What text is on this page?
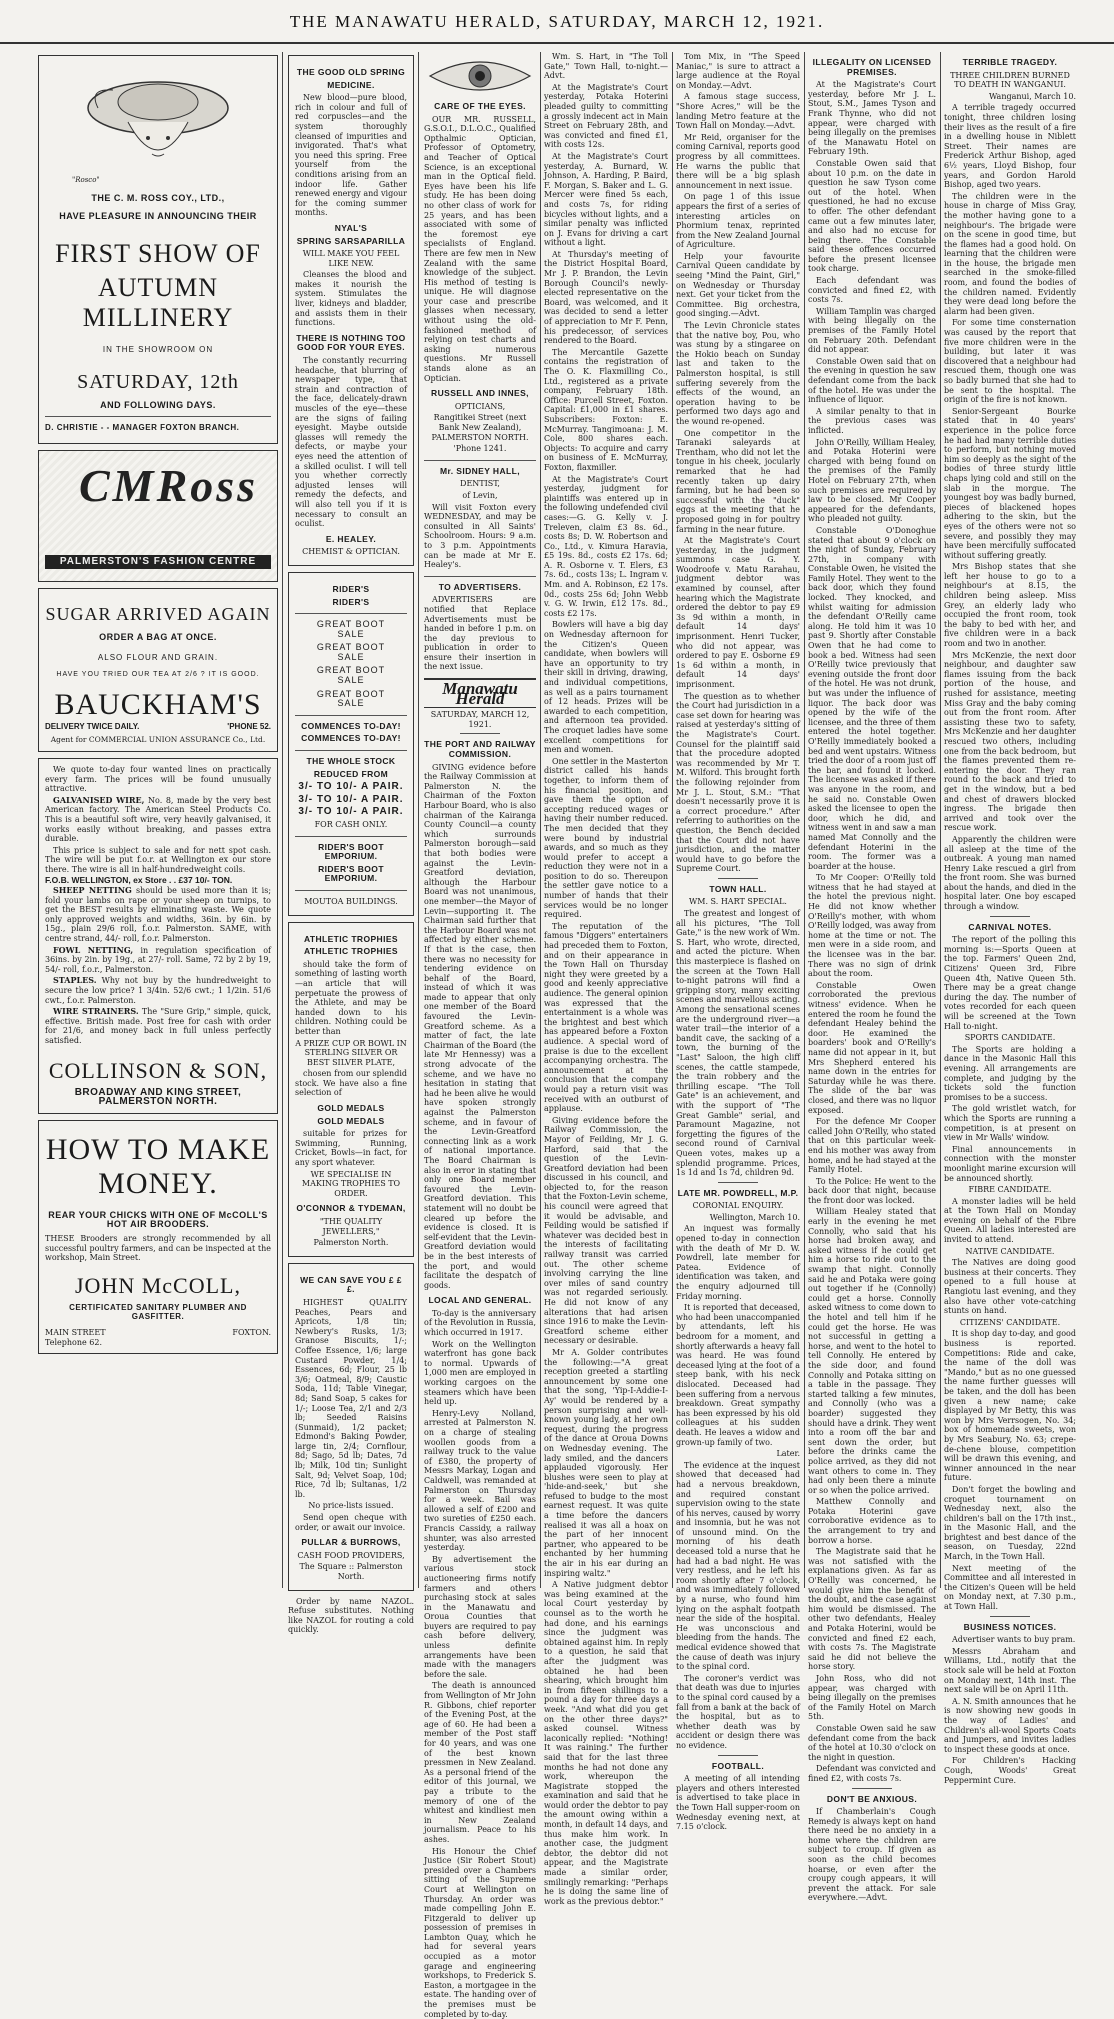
THE MANAWATU HERALD, SATURDAY, MARCH 12, 1921.
"Rosco"
THE C. M. ROSS COY., LTD.,
HAVE PLEASURE IN ANNOUNCING THEIR
FIRST SHOW OF
AUTUMN MILLINERY
IN THE SHOWROOM ON
SATURDAY, 12th
AND FOLLOWING DAYS.
D. CHRISTIE - - MANAGER FOXTON BRANCH.
CMRoss
PALMERSTON'S FASHION CENTRE
SUGAR ARRIVED AGAIN
ORDER A BAG AT ONCE.
ALSO FLOUR AND GRAIN.
HAVE YOU TRIED OUR TEA AT 2/6 ? IT IS GOOD.
BAUCKHAM'S
DELIVERY TWICE DAILY.	'PHONE 52.
Agent for COMMERCIAL UNION ASSURANCE Co., Ltd.
We quote to-day four wanted lines on practically every farm. The prices will be found unusually attractive.
GALVANISED WIRE, No. 8, made by the very best American factory. The American Steel Products Co. This is a beautiful soft wire, very heavily galvanised, it works easily without breaking, and passes extra durable.
This price is subject to sale and for nett spot cash. The wire will be put f.o.r. at Wellington ex our store there. The wire is all in half-hundredweight coils.
F.O.B. WELLINGTON, ex Store . . £37 10/- TON.
SHEEP NETTING should be used more than it is; fold your lambs on rape or your sheep on turnips, to get the BEST results by eliminating waste. We quote only approved weights and widths, 36in. by 6in. by 15g., plain 29/6 roll, f.o.r. Palmerston. SAME, with centre strand, 44/- roll, f.o.r. Palmerston.
FOWL NETTING, in regulation specification of 36ins. by 2in. by 19g., at 27/- roll. Same, 72 by 2 by 19, 54/- roll, f.o.r., Palmerston.
STAPLES. Why not buy by the hundredweight to secure the low price? 1 3/4in. 52/6 cwt.; 1 1/2in. 51/6 cwt., f.o.r. Palmerston.
WIRE STRAINERS. The "Sure Grip," simple, quick, effective. British made. Post free for cash with order for 21/6, and money back in full unless perfectly satisfied.
COLLINSON & SON,
BROADWAY AND KING STREET,
PALMERSTON NORTH.
HOW TO MAKE
MONEY.
REAR YOUR CHICKS WITH ONE OF McCOLL'S HOT AIR BROODERS.
THESE Brooders are strongly recommended by all successful poultry farmers, and can be inspected at the workshop, Main Street.
JOHN McCOLL,
CERTIFICATED SANITARY PLUMBER AND GASFITTER.
MAIN STREET	FOXTON.
Telephone 62.
THE GOOD OLD SPRING
MEDICINE.
New blood—pure blood, rich in colour and full of red corpuscles—and the system thoroughly cleansed of impurities and invigorated. That's what you need this spring. Free yourself from the conditions arising from an indoor life. Gather renewed energy and vigour for the coming summer months.
NYAL'S
SPRING SARSAPARILLA
WILL MAKE YOU FEEL LIKE NEW.
Cleanses the blood and makes it nourish the system. Stimulates the liver, kidneys and bladder, and assists them in their functions.
THERE IS NOTHING TOO GOOD FOR YOUR EYES.
The constantly recurring headache, that blurring of newspaper type, that strain and contraction of the face, delicately-drawn muscles of the eye—these are the signs of failing eyesight. Maybe outside glasses will remedy the defects, or maybe your eyes need the attention of a skilled oculist. I will tell you whether correctly adjusted lenses will remedy the defects, and will also tell you if it is necessary to consult an oculist.
E. HEALEY.
CHEMIST & OPTICIAN.
RIDER'S
RIDER'S
GREAT BOOT SALE
GREAT BOOT SALE
GREAT BOOT SALE
GREAT BOOT SALE
COMMENCES TO-DAY!
COMMENCES TO-DAY!
THE WHOLE STOCK
REDUCED FROM
3/- TO 10/- A PAIR.
3/- TO 10/- A PAIR.
3/- TO 10/- A PAIR.
FOR CASH ONLY.
RIDER'S BOOT EMPORIUM.
RIDER'S BOOT EMPORIUM.
MOUTOA BUILDINGS.
ATHLETIC TROPHIES
ATHLETIC TROPHIES
should take the form of something of lasting worth—an article that will perpetuate the prowess of the Athlete, and may be handed down to his children. Nothing could be better than
A PRIZE CUP OR BOWL IN STERLING SILVER OR BEST SILVER PLATE,
chosen from our splendid stock. We have also a fine selection of
GOLD MEDALS
GOLD MEDALS
suitable for prizes for Swimming, Running, Cricket, Bowls—in fact, for any sport whatever.
WE SPECIALISE IN MAKING TROPHIES TO ORDER.
O'CONNOR & TYDEMAN,
"THE QUALITY JEWELLERS,"
Palmerston North.
WE CAN SAVE YOU £ £ £.
HIGHEST QUALITY Peaches, Pears and Apricots, 1/8 tin; Newbery's Rusks, 1/3; Granose Biscuits, 1/-; Coffee Essence, 1/6; large Custard Powder, 1/4; Essences, 6d; Flour, 25 lb 3/6; Oatmeal, 8/9; Caustic Soda, 11d; Table Vinegar, 8d; Sand Soap, 5 cakes for 1/-; Loose Tea, 2/1 and 2/3 lb; Seeded Raisins (Sunmaid), 1/2 packet; Edmond's Baking Powder, large tin, 2/4; Cornflour, 8d; Sago, 5d lb; Dates, 7d lb; Milk, 10d tin; Sunlight Salt, 9d; Velvet Soap, 10d; Rice, 7d lb; Sultanas, 1/2 lb.
No price-lists issued.
Send open cheque with order, or await our invoice.
PULLAR & BURROWS,
CASH FOOD PROVIDERS,
The Square :: Palmerston North.
Order by name NAZOL. Refuse substitutes. Nothing like NAZOL for routing a cold quickly.
CARE OF THE EYES.
OUR MR. RUSSELL, G.S.O.I., D.L.O.C., Qualified Opthalmic Optician, Professor of Optometry, and Teacher of Optical Science, is an exceptional man in the Optical field. Eyes have been his life study. He has been doing no other class of work for 25 years, and has been associated with some of the foremost eye specialists of England. There are few men in New Zealand with the same knowledge of the subject. His method of testing is unique. He will diagnose your case and prescribe glasses when necessary, without using the old-fashioned method of relying on test charts and asking numerous questions. Mr Russell stands alone as an Optician.
RUSSELL AND INNES,
OPTICIANS,
Rangitikei Street (next Bank New Zealand), PALMERSTON NORTH.
'Phone 1241.
Mr. SIDNEY HALL,
DENTIST,
of Levin,
Will visit Foxton every WEDNESDAY, and may be consulted in All Saints' Schoolroom. Hours: 9 a.m. to 3 p.m. Appointments can be made at Mr E. Healey's.
TO ADVERTISERS.
ADVERTISERS are notified that Replace Advertisements must be handed in before 1 p.m. on the day previous to publication in order to ensure their insertion in the next issue.
Manawatu Herald
SATURDAY, MARCH 12, 1921.
THE PORT AND RAILWAY COMMISSION.
GIVING evidence before the Railway Commission at Palmerston N. the Chairman of the Foxton Harbour Board, who is also chairman of the Kairanga County Council—a county which surrounds Palmerston borough—said that both bodies were against the Levin-Greatford deviation, although the Harbour Board was not unanimous, one member—the Mayor of Levin—supporting it. The Chairman said further that the Harbour Board was not affected by either scheme. If that is the case, then there was no necessity for tendering evidence on behalf of the Board, instead of which it was made to appear that only one member of the Board favoured the Levin-Greatford scheme. As a matter of fact, the late Chairman of the Board (the late Mr Hennessy) was a strong advocate of the scheme, and we have no hesitation in stating that had he been alive he would have spoken strongly against the Palmerston scheme, and in favour of the Levin-Greatford connecting link as a work of national importance. The Board Chairman is also in error in stating that only one Board member favoured the Levin-Greatford deviation. This statement will no doubt be cleared up before the evidence is closed. It is self-evident that the Levin-Greatford deviation would be in the best interests of the port, and would facilitate the despatch of goods.
LOCAL AND GENERAL.
To-day is the anniversary of the Revolution in Russia, which occurred in 1917.
Work on the Wellington waterfront has gone back to normal. Upwards of 1,000 men are employed in working cargoes on the steamers which have been held up.
Henry-Levy Nolland, arrested at Palmerston N. on a charge of stealing woollen goods from a railway truck to the value of £380, the property of Messrs Markay, Logan and Caldwell, was remanded at Palmerston on Thursday for a week. Bail was allowed a self of £200 and two sureties of £250 each. Francis Cassidy, a railway shunter, was also arrested yesterday.
By advertisement the various stock auctioneering firms notify farmers and others purchasing stock at sales in the Manawatu and Oroua Counties that buyers are required to pay cash before delivery, unless definite arrangements have been made with the managers before the sale.
The death is announced from Wellington of Mr John R. Gibbons, chief reporter of the Evening Post, at the age of 60. He had been a member of the Post staff for 40 years, and was one of the best known pressmen in New Zealand. As a personal friend of the editor of this journal, we pay a tribute to the memory of one of the whitest and kindliest men in New Zealand journalism. Peace to his ashes.
His Honour the Chief Justice (Sir Robert Stout) presided over a Chambers sitting of the Supreme Court at Wellington on Thursday. An order was made compelling John E. Fitzgerald to deliver up possession of premises in Lambton Quay, which he had for several years occupied as a motor garage and engineering workshops, to Frederick S. Easton, a mortgagee in the estate. The handing over of the premises must be completed by to-day.
Wm. S. Hart, in "The Toll Gate," Town Hall, to-night.—Advt.
At the Magistrate's Court yesterday, Potaka Hoterini pleaded guilty to committing a grossly indecent act in Main Street on February 28th, and was convicted and fined £1, with costs 12s.
At the Magistrate's Court yesterday, A. Burnard, W. Johnson, A. Harding, P. Baird, F. Morgan, S. Baker and L. G. Mercer were fined 5s each, and costs 7s, for riding bicycles without lights, and a similar penalty was inflicted on J. Evans for driving a cart without a light.
At Thursday's meeting of the District Hospital Board, Mr J. P. Brandon, the Levin Borough Council's newly-elected representative on the Board, was welcomed, and it was decided to send a letter of appreciation to Mr F. Penn, his predecessor, of services rendered to the Board.
The Mercantile Gazette contains the registration of The O. K. Flaxmilling Co., Ltd., registered as a private company, February 18th. Office: Purcell Street, Foxton. Capital: £1,000 in £1 shares. Subscribers: Foxton: E. McMurray. Tangimoana: J. M. Cole, 800 shares each. Objects: To acquire and carry on business of E. McMurray, Foxton, flaxmiller.
At the Magistrate's Court yesterday, judgment for plaintiffs was entered up in the following undefended civil cases:—G. G. Kelly v. J. Treleven, claim £3 8s. 6d., costs 8s; D. W. Robertson and Co., Ltd., v. Kimura Haravia, £5 19s. 8d., costs £2 17s. 6d; A. R. Osborne v. T. Elers, £3 7s. 6d., costs 13s; L. Ingram v. Mm. and A. Robinson, £2 17s. 0d., costs 25s 6d; John Webb v. G. W. Irwin, £12 17s. 8d., costs £2 17s.
Bowlers will have a big day on Wednesday afternoon for the Citizen's Queen candidate, when bowlers will have an opportunity to try their skill in driving, drawing, and individual competitions, as well as a pairs tournament of 12 heads. Prizes will be awarded to each competition, and afternoon tea provided. The croquet ladies have some excellent competitions for men and women.
One settler in the Masterton district called his hands together, to inform them of his financial position, and gave them the option of accepting reduced wages or having their number reduced. The men decided that they were bound by industrial awards, and so much as they would prefer to accept a reduction they were not in a position to do so. Thereupon the settler gave notice to a number of hands that their services would be no longer required.
The reputation of the famous "Diggers" entertainers had preceded them to Foxton, and on their appearance in the Town Hall on Thursday night they were greeted by a good and keenly appreciative audience. The general opinion was expressed that the entertainment is a whole was the brightest and best which has appeared before a Foxton audience. A special word of praise is due to the excellent accompanying orchestra. The announcement at the conclusion that the company would pay a return visit was received with an outburst of applause.
Giving evidence before the Railway Commission, the Mayor of Feilding, Mr J. G. Harford, said that the question of the Levin-Greatford deviation had been discussed in his council, and objected to, for the reason that the Foxton-Levin scheme, his council were agreed that it would be advisable, and Feilding would be satisfied if whatever was decided best in the interests of facilitating railway transit was carried out. The other scheme involving carrying the line over miles of sand country was not regarded seriously. He did not know of any alterations that had arisen since 1916 to make the Levin-Greatford scheme either necessary or desirable.
Mr A. Golder contributes the following:—"A great reception greeted a startling announcement by some one that the song, 'Yip-I-Addie-I-Ay' would be rendered by a person surprising and well-known young lady, at her own request, during the progress of the dance at Oroua Downs on Wednesday evening. The lady smiled, and the dancers applauded vigorously. Her blushes were seen to play at 'hide-and-seek,' but she refused to budge to the most earnest request. It was quite a time before the dancers realised it was all a hoax on the part of her innocent partner, who appeared to be enchanted by her humming the air in his ear during an inspiring waltz."
A Native judgment debtor was being examined at the local Court yesterday by counsel as to the worth he had done, and his earnings since the judgment was obtained against him. In reply to a question, he said that after the judgment was obtained he had been shearing, which brought him in from fifteen shillings to a pound a day for three days a week. "And what did you get on the other three days?" asked counsel. Witness laconically replied: "Nothing! It was raining." The further said that for the last three months he had not done any work, whereupon the Magistrate stopped the examination and said that he would order the debtor to pay the amount owing within a month, in default 14 days, and thus make him work. In another case, the judgment debtor, the debtor did not appear, and the Magistrate made a similar order, smilingly remarking: "Perhaps he is doing the same line of work as the previous debtor."
Tom Mix, in "The Speed Maniac," is sure to attract a large audience at the Royal on Monday.—Advt.
A famous stage success, "Shore Acres," will be the landing Metro feature at the Town Hall on Monday.—Advt.
Mr Reid, organiser for the coming Carnival, reports good progress by all committees. He warns the public that there will be a big splash announcement in next issue.
On page 1 of this issue appears the first of a series of interesting articles on Phormium tenax, reprinted from the New Zealand Journal of Agriculture.
Help your favourite Carnival Queen candidate by seeing "Mind the Paint, Girl," on Wednesday or Thursday next. Get your ticket from the Committee. Big orchestra, good singing.—Advt.
The Levin Chronicle states that the native boy, Pou, who was stung by a stingaree on the Hokio beach on Sunday last and taken to the Palmerston hospital, is still suffering severely from the effects of the wound, an operation having to be performed two days ago and the wound re-opened.
One competitor in the Taranaki saleyards at Trentham, who did not let the tongue in his cheek, jocularly remarked that he had recently taken up dairy farming, but he had been so successful with the "duck" eggs at the meeting that he proposed going in for poultry farming in the near future.
At the Magistrate's Court yesterday, in the judgment summons case G. Y. Woodroofe v. Matu Rarahau, judgment debtor was examined by counsel, after hearing which the Magistrate ordered the debtor to pay £9 3s 9d within a month, in default 14 days' imprisonment. Henri Tucker, who did not appear, was ordered to pay E. Osborne £9 1s 6d within a month, in default 14 days' imprisonment.
The question as to whether the Court had jurisdiction in a case set down for hearing was raised at yesterday's sitting of the Magistrate's Court. Counsel for the plaintiff said that the procedure adopted was recommended by Mr T. M. Wilford. This brought forth the following rejoinder from Mr J. L. Stout, S.M.: "That doesn't necessarily prove it is a correct procedure." After referring to authorities on the question, the Bench decided that the Court did not have jurisdiction, and the matter would have to go before the Supreme Court.
TOWN HALL.
WM. S. HART SPECIAL.
The greatest and longest of all his pictures, "The Toll Gate," is the new work of Wm. S. Hart, who wrote, directed, and acted the picture. When this masterpiece is flashed on the screen at the Town Hall to-night patrons will find a gripping story, many exciting scenes and marvellous acting. Among the sensational scenes are the underground river—a water trail—the interior of a bandit cave, the sacking of a town, the burning of the "Last" Saloon, the high cliff scenes, the cattle stampede, the train robbery and the thrilling escape. "The Toll Gate" is an achievement, and with the support of "The Great Gamble" serial, and Paramount Magazine, not forgetting the figures of the second round of Carnival Queen votes, makes up a splendid programme. Prices, 1s 1d and 1s 7d, children 9d.
LATE MR. POWDRELL, M.P.
CORONIAL ENQUIRY.
Wellington, March 10.
An inquest was formally opened to-day in connection with the death of Mr D. W. Powdrell, late member for Patea. Evidence of identification was taken, and the enquiry adjourned till Friday morning.
It is reported that deceased, who had been unaccompanied by attendants, left his bedroom for a moment, and shortly afterwards a heavy fall was heard. He was found deceased lying at the foot of a steep bank, with his neck dislocated. Deceased had been suffering from a nervous breakdown. Great sympathy has been expressed by his old colleagues at his sudden death. He leaves a widow and grown-up family of two.
Later.
The evidence at the inquest showed that deceased had had a nervous breakdown, and required constant supervision owing to the state of his nerves, caused by worry and insomnia, but he was not of unsound mind. On the morning of his death deceased told a nurse that he had had a bad night. He was very restless, and he left his room shortly after 7 o'clock, and was immediately followed by a nurse, who found him lying on the asphalt footpath near the side of the hospital. He was unconscious and bleeding from the hands. The medical evidence showed that the cause of death was injury to the spinal cord.
The coroner's verdict was that death was due to injuries to the spinal cord caused by a fall from a bank at the back of the hospital, but as to whether death was by accident or design there was no evidence.
FOOTBALL.
A meeting of all intending players and others interested is advertised to take place in the Town Hall supper-room on Wednesday evening next, at 7.15 o'clock.
ILLEGALITY ON LICENSED PREMISES.
At the Magistrate's Court yesterday, before Mr J. L. Stout, S.M., James Tyson and Frank Thynne, who did not appear, were charged with being illegally on the premises of the Manawatu Hotel on February 19th.
Constable Owen said that about 10 p.m. on the date in question he saw Tyson come out of the hotel. When questioned, he had no excuse to offer. The other defendant came out a few minutes later, and also had no excuse for being there. The Constable said these offences occurred before the present licensee took charge.
Each defendant was convicted and fined £2, with costs 7s.
William Tamplin was charged with being illegally on the premises of the Family Hotel on February 20th. Defendant did not appear.
Constable Owen said that on the evening in question he saw defendant come from the back of the hotel. He was under the influence of liquor.
A similar penalty to that in the previous cases was inflicted.
John O'Reilly, William Healey, and Potaka Hoterini were charged with being found on the premises of the Family Hotel on February 27th, when such premises are required by law to be closed. Mr Cooper appeared for the defendants, who pleaded not guilty.
Constable O'Donoghue stated that about 9 o'clock on the night of Sunday, February 27th, in company with Constable Owen, he visited the Family Hotel. They went to the back door, which they found locked. They knocked, and whilst waiting for admission the defendant O'Reilly came along. He told him it was 10 past 9. Shortly after Constable Owen that he had come to book a bed. Witness had seen O'Reilly twice previously that evening outside the front door of the hotel. He was not drunk, but was under the influence of liquor. The back door was opened by the wife of the licensee, and the three of them entered the hotel together. O'Reilly immediately booked a bed and went upstairs. Witness tried the door of a room just off the bar, and found it locked. The licensee was asked if there was anyone in the room, and he said no. Constable Owen asked the licensee to open the door, which he did, and witness went in and saw a man named Mat Connolly and the defendant Hoterini in the room. The former was a boarder at the house.
To Mr Cooper: O'Reilly told witness that he had stayed at the hotel the previous night. He did not know whether O'Reilly's mother, with whom O'Reilly lodged, was away from home at the time or not. The men were in a side room, and the licensee was in the bar. There was no sign of drink about the room.
Constable Owen corroborated the previous witness' evidence. When he entered the room he found the defendant Healey behind the door. He examined the boarders' book and O'Reilly's name did not appear in it, but Mrs Shepherd entered his name down in the entries for Saturday while he was there. The slide of the bar was closed, and there was no liquor exposed.
For the defence Mr Cooper called John O'Reilly, who stated that on this particular week-end his mother was away from home, and he had stayed at the Family Hotel.
To the Police: He went to the back door that night, because the front door was locked.
William Healey stated that early in the evening he met Connolly, who said that his horse had broken away, and asked witness if he could get him a horse to ride out to the swamp that night. Connolly said he and Potaka were going out together if he (Connolly) could get a horse. Connolly asked witness to come down to the hotel and tell him if he could get the horse. He was not successful in getting a horse, and went to the hotel to tell Connolly. He entered by the side door, and found Connolly and Potaka sitting on a table in the passage. They started talking a few minutes, and Connolly (who was a boarder) suggested they should have a drink. They went into a room off the bar and sent down the order, but before the drinks came the police arrived, as they did not want others to come in. They had only been there a minute or so when the police arrived.
Matthew Connolly and Potaka Hoterini gave corroborative evidence as to the arrangement to try and borrow a horse.
The Magistrate said that he was not satisfied with the explanations given. As far as O'Reilly was concerned, he would give him the benefit of the doubt, and the case against him would be dismissed. The other two defendants, Healey and Potaka Hoterini, would be convicted and fined £2 each, with costs 7s. The Magistrate said he did not believe the horse story.
John Ross, who did not appear, was charged with being illegally on the premises of the Family Hotel on March 5th.
Constable Owen said he saw defendant come from the back of the hotel at 10.30 o'clock on the night in question.
Defendant was convicted and fined £2, with costs 7s.
DON'T BE ANXIOUS.
If Chamberlain's Cough Remedy is always kept on hand there need be no anxiety in a home where the children are subject to croup. If given as soon as the child becomes hoarse, or even after the croupy cough appears, it will prevent the attack. For sale everywhere.—Advt.
TERRIBLE TRAGEDY.
THREE CHILDREN BURNED TO DEATH IN WANGANUI.
Wanganui, March 10.
A terrible tragedy occurred tonight, three children losing their lives as the result of a fire in a dwelling house in Niblett Street. Their names are Frederick Arthur Bishop, aged 6½ years, Lloyd Bishop, four years, and Gordon Harold Bishop, aged two years.
The children were in the house in charge of Miss Gray, the mother having gone to a neighbour's. The brigade were on the scene in good time, but the flames had a good hold. On learning that the children were in the house, the brigade men searched in the smoke-filled room, and found the bodies of the children named. Evidently they were dead long before the alarm had been given.
For some time consternation was caused by the report that five more children were in the building, but later it was discovered that a neighbour had rescued them, though one was so badly burned that she had to be sent to the hospital. The origin of the fire is not known.
Senior-Sergeant Bourke stated that in 40 years' experience in the police force he had had many terrible duties to perform, but nothing moved him so deeply as the sight of the bodies of three sturdy little chaps lying cold and still on the slab in the morgue. The youngest boy was badly burned, pieces of blackened hopes adhering to the skin, but the eyes of the others were not so severe, and possibly they may have been mercifully suffocated without suffering greatly.
Mrs Bishop states that she left her house to go to a neighbour's at 8.15, the children being asleep. Miss Grey, an elderly lady who occupied the front room, took the baby to bed with her, and five children were in a back room and two in another.
Mrs McKenzie, the next door neighbour, and daughter saw flames issuing from the back portion of the house, and rushed for assistance, meeting Miss Gray and the baby coming out from the front room. After assisting these two to safety, Mrs McKenzie and her daughter rescued two others, including one from the back bedroom, but the flames prevented them re-entering the door. They ran round to the back and tried to get in the window, but a bed and chest of drawers blocked ingress. The brigade then arrived and took over the rescue work.
Apparently the children were all asleep at the time of the outbreak. A young man named Henry Lake rescued a girl from the front room. She was burned about the hands, and died in the hospital later. One boy escaped through a window.
CARNIVAL NOTES.
The report of the polling this morning is:—Sports Queen at the top. Farmers' Queen 2nd, Citizens' Queen 3rd, Fibre Queen 4th, Native Queen 5th. There may be a great change during the day. The number of votes recorded for each queen will be screened at the Town Hall to-night.
SPORTS CANDIDATE.
The Sports are holding a dance in the Masonic Hall this evening. All arrangements are complete, and judging by the tickets sold the function promises to be a success.
The gold wristlet watch, for which the Sports are running a competition, is at present on view in Mr Walls' window.
Final announcements in connection with the monster moonlight marine excursion will be announced shortly.
FIBRE CANDIDATE.
A monster ladies will be held at the Town Hall on Monday evening on behalf of the Fibre Queen. All ladies interested are invited to attend.
NATIVE CANDIDATE.
The Natives are doing good business at their concerts. They opened to a full house at Rangiotu last evening, and they also have other vote-catching stunts on hand.
CITIZENS' CANDIDATE.
It is shop day to-day, and good business is reported. Competitions: Ride and cake, the name of the doll was "Mando," but as no one guessed the name further guesses will be taken, and the doll has been given a new name; cake displayed by Mr Betty, this was won by Mrs Verrsogen, No. 34; box of homemade sweets, won by Mrs Seabury, No. 63; crepe-de-chene blouse, competition will be drawn this evening, and winner announced in the near future.
Don't forget the bowling and croquet tournament on Wednesday next, also the children's ball on the 17th inst., in the Masonic Hall, and the brightest and best dance of the season, on Tuesday, 22nd March, in the Town Hall.
Next meeting of the Committee and all interested in the Citizen's Queen will be held on Monday next, at 7.30 p.m., at Town Hall.
BUSINESS NOTICES.
Advertiser wants to buy pram.
Messrs Abraham and Williams, Ltd., notify that the stock sale will be held at Foxton on Monday next, 14th inst. The next sale will be on April 11th.
A. N. Smith announces that he is now showing new goods in the way of Ladies' and Children's all-wool Sports Coats and Jumpers, and invites ladies to inspect these goods at once.
For Children's Hacking Cough, Woods' Great Peppermint Cure.
